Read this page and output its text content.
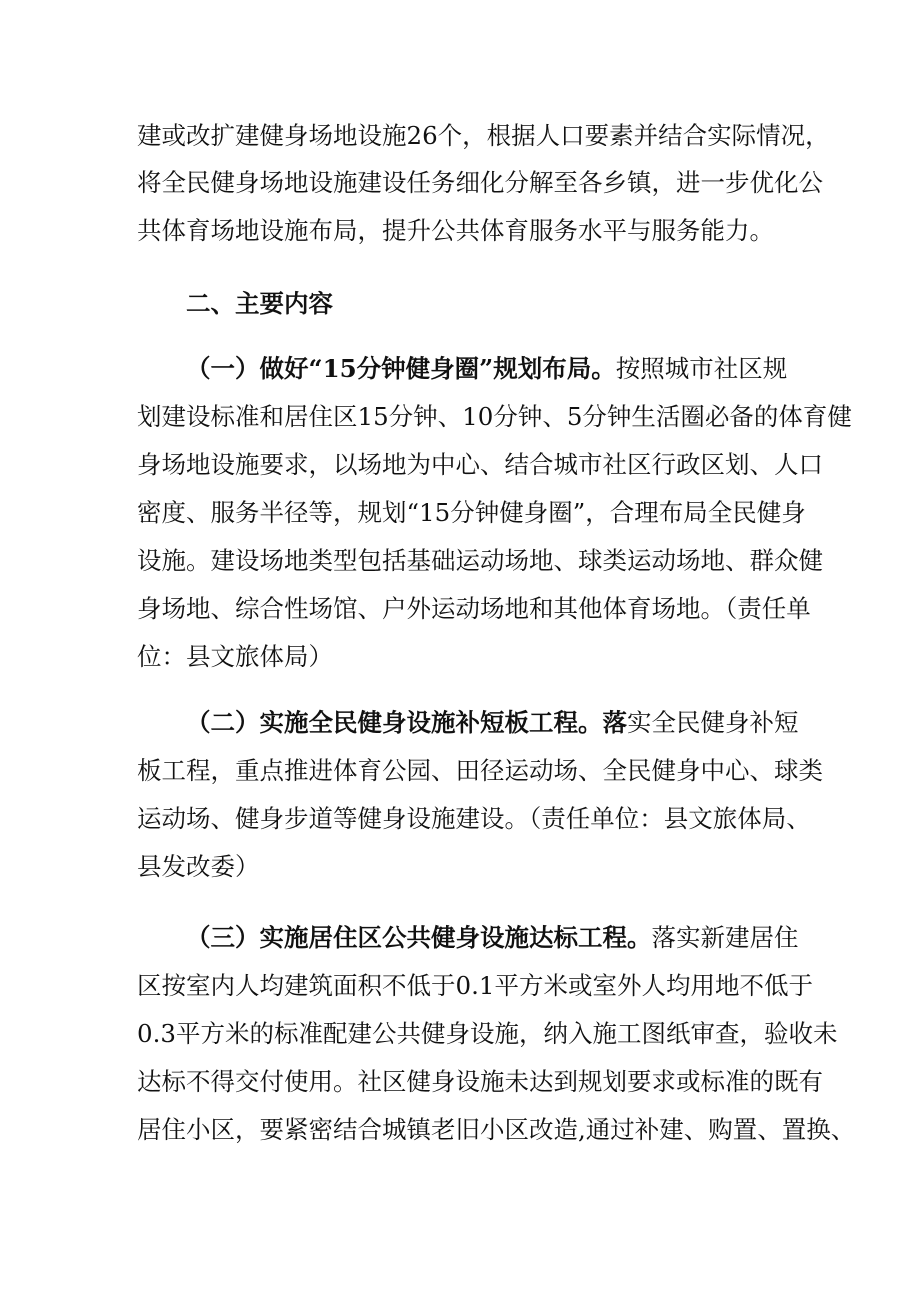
建或改扩建健身场地设施26个，根据人口要素并结合实际情况，
将全民健身场地设施建设任务细化分解至各乡镇，进一步优化公
共体育场地设施布局，提升公共体育服务水平与服务能力。
二、主要内容
（一）做好“15分钟健身圈”规划布局。按照城市社区规
划建设标准和居住区15分钟、10分钟、5分钟生活圈必备的体育健
身场地设施要求，以场地为中心、结合城市社区行政区划、人口
密度、服务半径等，规划“15分钟健身圈”，合理布局全民健身
设施。建设场地类型包括基础运动场地、球类运动场地、群众健
身场地、综合性场馆、户外运动场地和其他体育场地。（责任单
位：县文旅体局）
（二）实施全民健身设施补短板工程。落实全民健身补短
板工程，重点推进体育公园、田径运动场、全民健身中心、球类
运动场、健身步道等健身设施建设。（责任单位：县文旅体局、
县发改委）
（三）实施居住区公共健身设施达标工程。落实新建居住
区按室内人均建筑面积不低于0.1平方米或室外人均用地不低于
0.3平方米的标准配建公共健身设施，纳入施工图纸审查，验收未
达标不得交付使用。社区健身设施未达到规划要求或标准的既有
居住小区，要紧密结合城镇老旧小区改造,通过补建、购置、置换、
